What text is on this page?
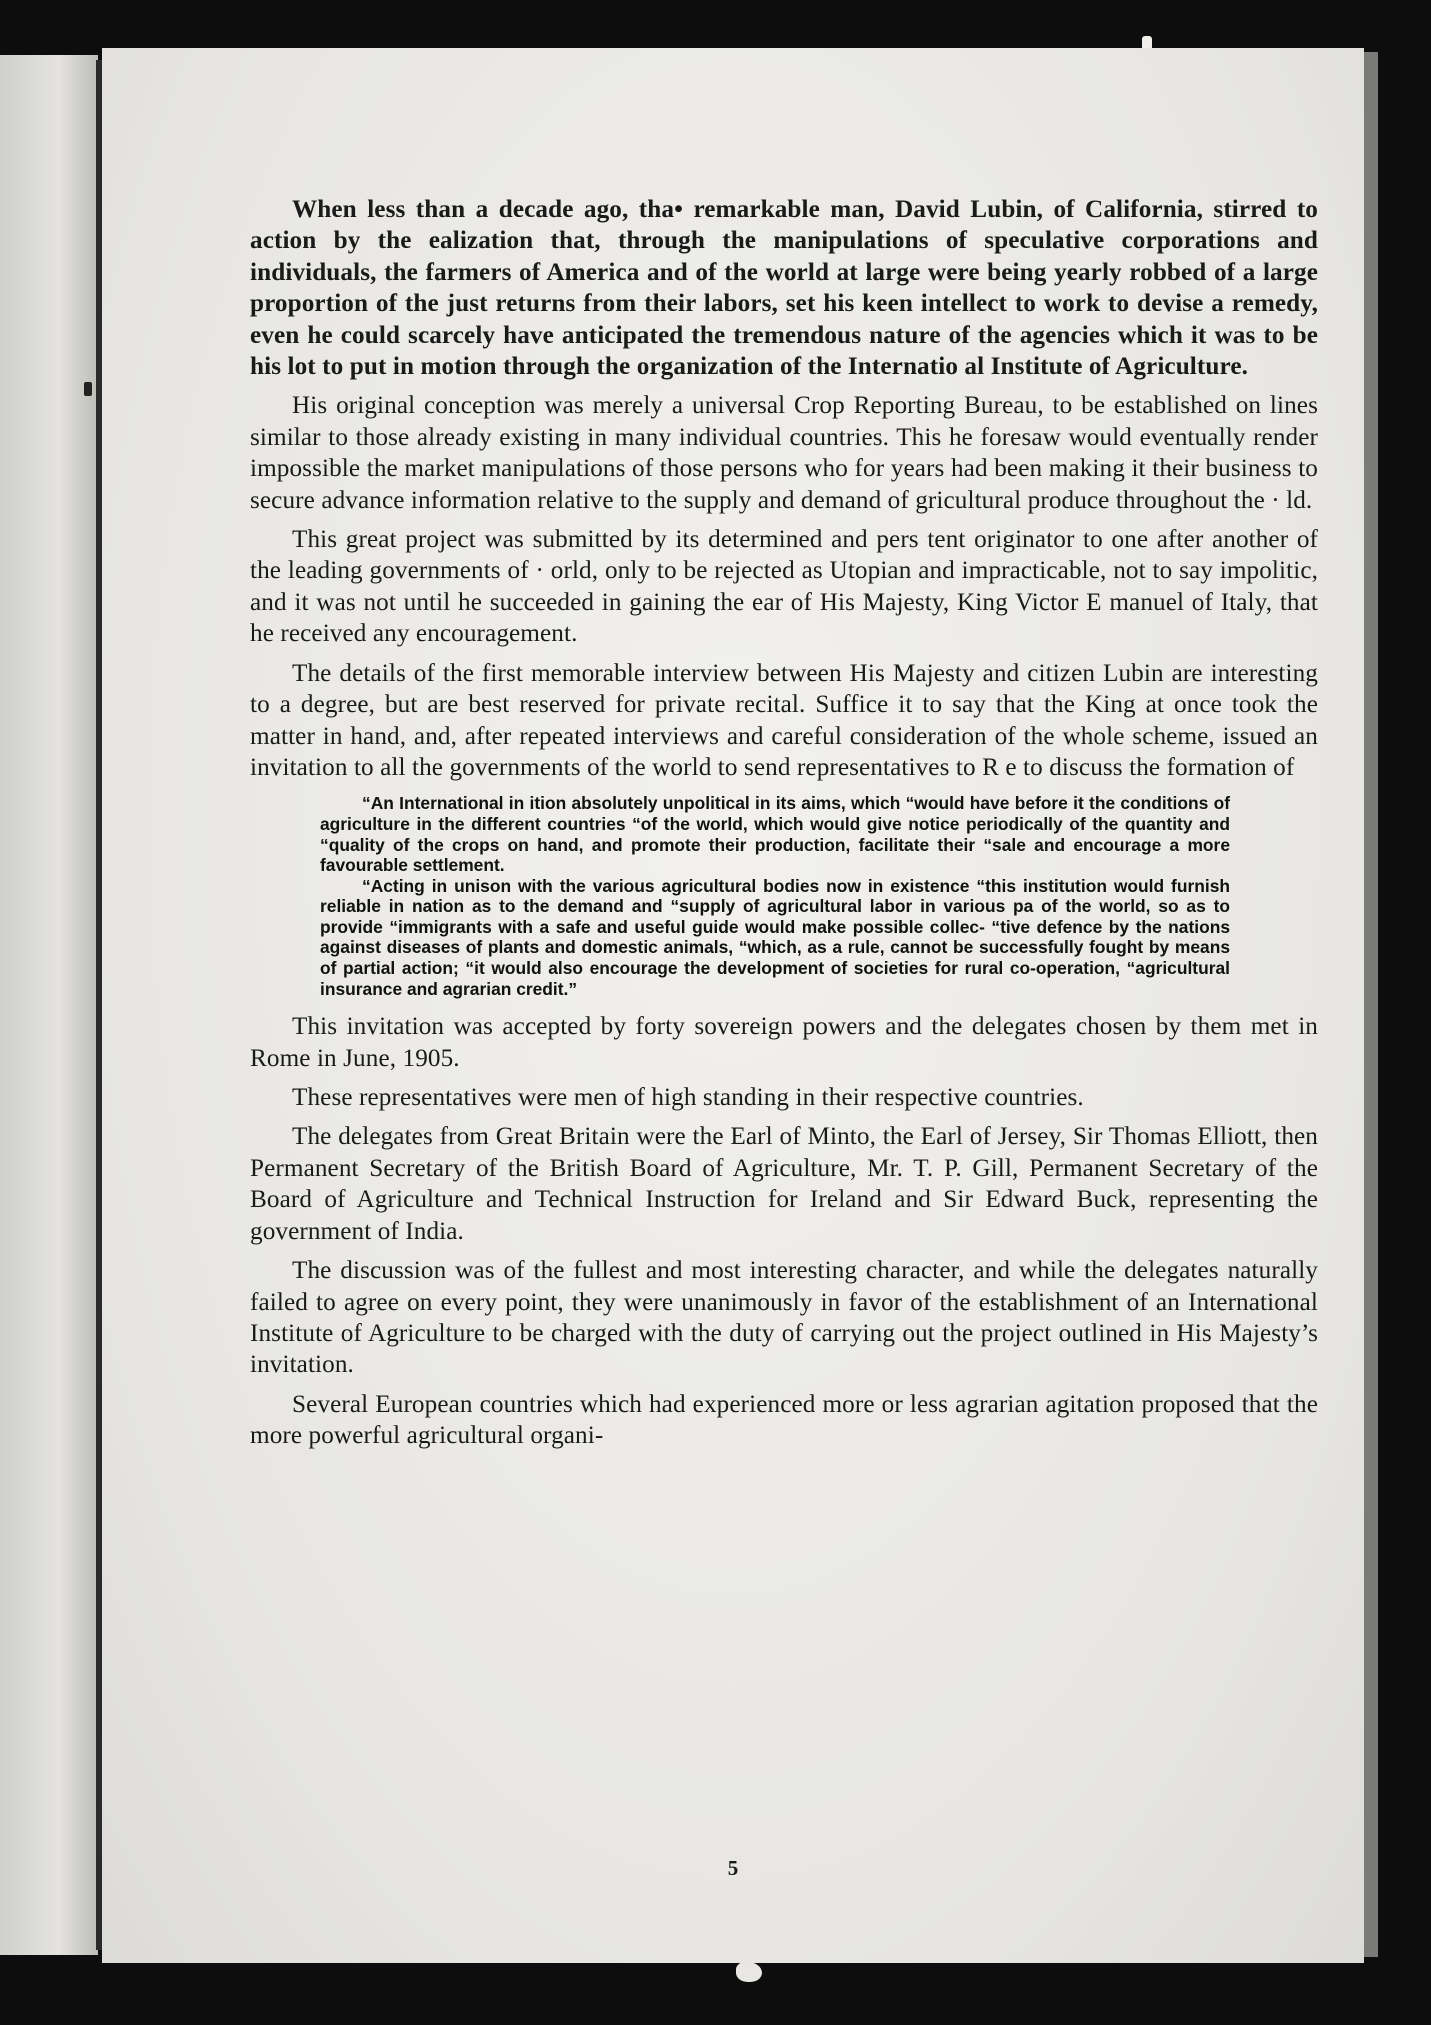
When less than a decade ago, tha• remarkable man, David Lubin, of California, stirred to action by the ealization that, through the manipulations of speculative corporations and individuals, the farmers of America and of the world at large were being yearly robbed of a large proportion of the just returns from their labors, set his keen intellect to work to devise a remedy, even he could scarcely have anticipated the tremendous nature of the agencies which it was to be his lot to put in motion through the organization of the Internatio al Institute of Agriculture.

His original conception was merely a universal Crop Reporting Bureau, to be established on lines similar to those already existing in many individual countries. This he foresaw would eventually render impossible the market manipulations of those persons who for years had been making it their business to secure advance information relative to the supply and demand of gricultural produce throughout the · ld.

This great project was submitted by its determined and pers tent originator to one after another of the leading governments of · orld, only to be rejected as Utopian and impracticable, not to say impolitic, and it was not until he succeeded in gaining the ear of His Majesty, King Victor E manuel of Italy, that he received any encouragement.

The details of the first memorable interview between His Majesty and citizen Lubin are interesting to a degree, but are best reserved for private recital. Suffice it to say that the King at once took the matter in hand, and, after repeated interviews and careful consideration of the whole scheme, issued an invitation to all the governments of the world to send representatives to R e to discuss the formation of

“An International in ition absolutely unpolitical in its aims, which “would have before it the conditions of agriculture in the different countries “of the world, which would give notice periodically of the quantity and “quality of the crops on hand, and promote their production, facilitate their “sale and encourage a more favourable settlement.

“Acting in unison with the various agricultural bodies now in existence “this institution would furnish reliable in nation as to the demand and “supply of agricultural labor in various pa of the world, so as to provide “immigrants with a safe and useful guide would make possible collec- “tive defence by the nations against diseases of plants and domestic animals, “which, as a rule, cannot be successfully fought by means of partial action; “it would also encourage the development of societies for rural co-operation, “agricultural insurance and agrarian credit.”

This invitation was accepted by forty sovereign powers and the delegates chosen by them met in Rome in June, 1905.

These representatives were men of high standing in their respective countries.

The delegates from Great Britain were the Earl of Minto, the Earl of Jersey, Sir Thomas Elliott, then Permanent Secretary of the British Board of Agriculture, Mr. T. P. Gill, Permanent Secretary of the Board of Agriculture and Technical Instruction for Ireland and Sir Edward Buck, representing the government of India.

The discussion was of the fullest and most interesting character, and while the delegates naturally failed to agree on every point, they were unanimously in favor of the establishment of an International Institute of Agriculture to be charged with the duty of carrying out the project outlined in His Majesty’s invitation.

Several European countries which had experienced more or less agrarian agitation proposed that the more powerful agricultural organi-

5
